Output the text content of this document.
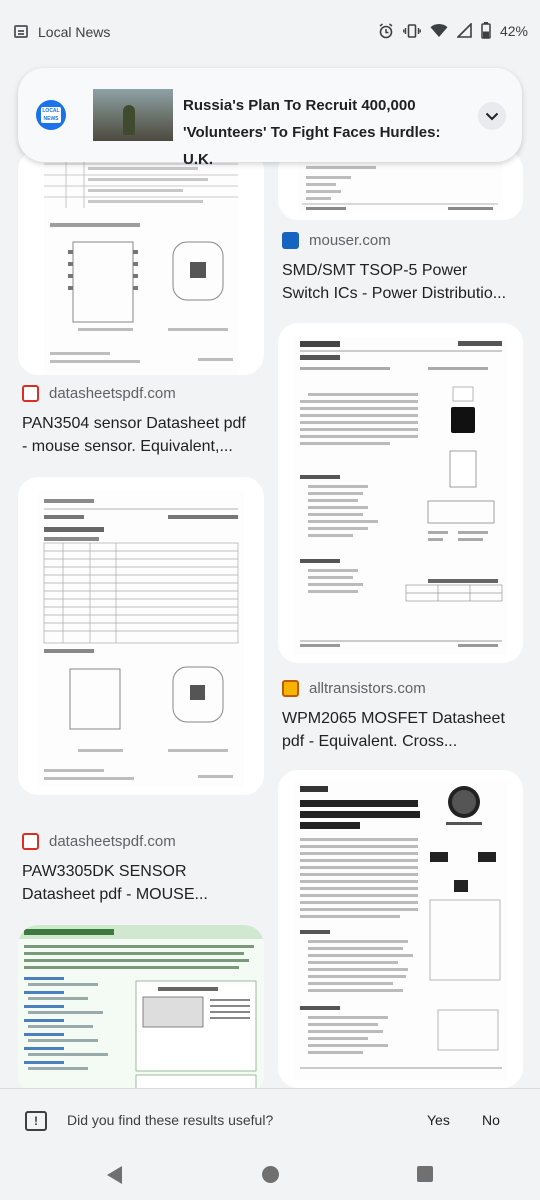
Local News	42%
datasheetspdf.com
PAN3504 sensor Datasheet pdf
- mouse sensor. Equivalent,...
datasheetspdf.com
PAW3305DK SENSOR
Datasheet pdf - MOUSE...
mouser.com
SMD/SMT TSOP-5 Power
Switch ICs - Power Distributio...
alltransistors.com
WPM2065 MOSFET Datasheet
pdf - Equivalent. Cross...
LOCAL NEWS
Russia's Plan To Recruit 400,000 'Volunteers' To Fight Faces Hurdles: U.K.
!	Did you find these results useful?	Yes No
